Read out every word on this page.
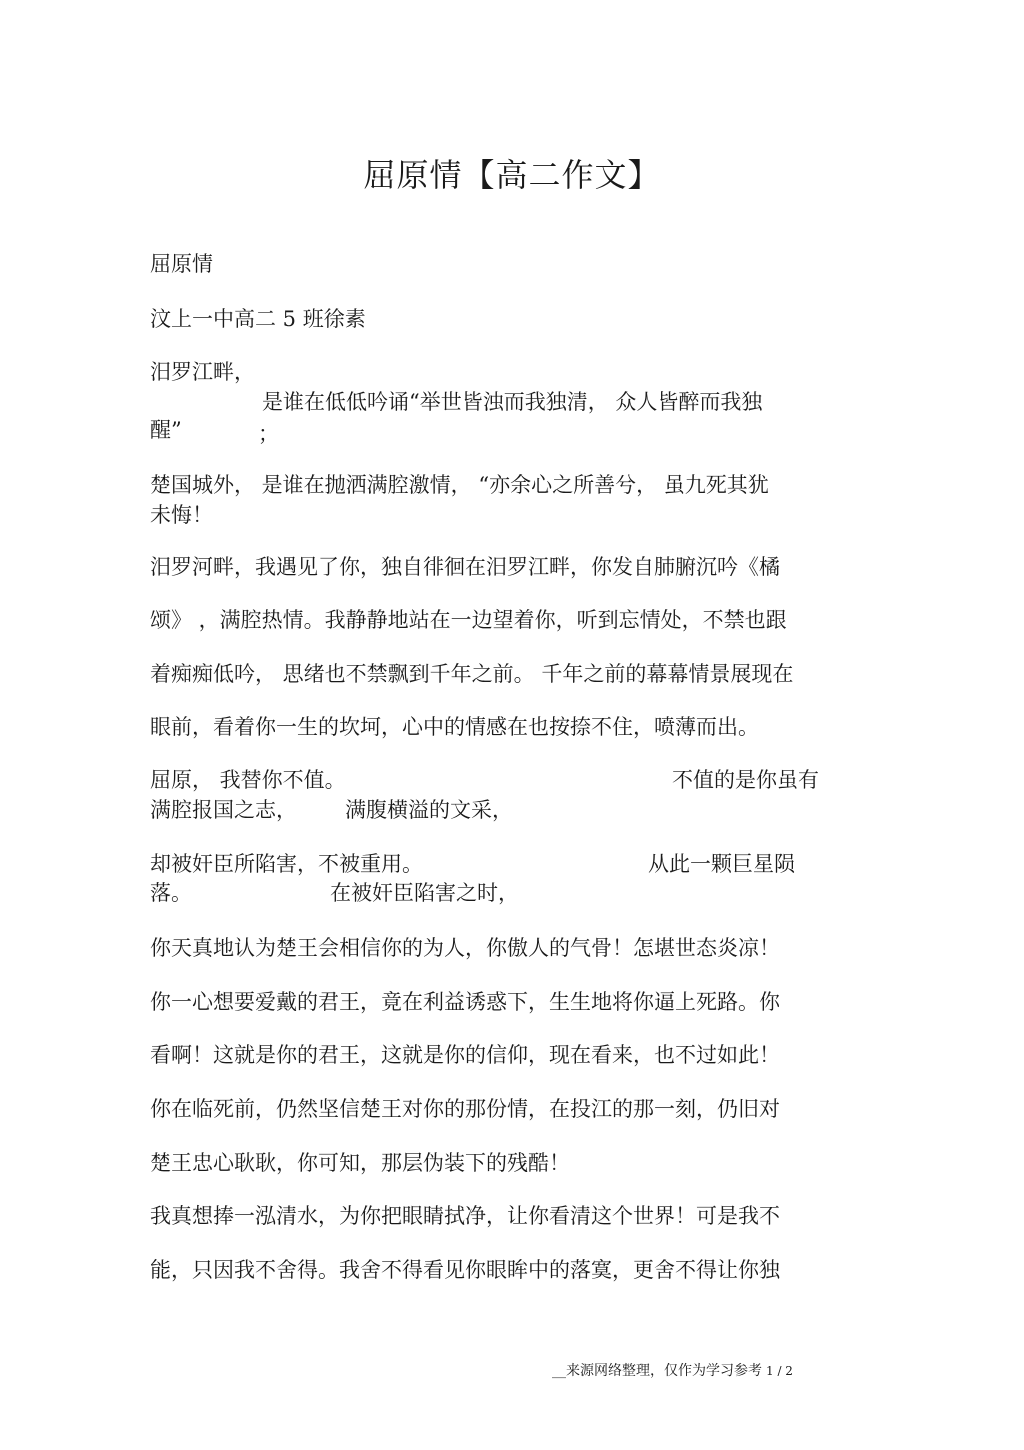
屈原情【高二作文】
屈原情
汶上一中高二 5 班徐素
汨罗江畔，
是谁在低低吟诵“举世皆浊而我独清， 众人皆醉而我独
醒”	；
楚国城外， 是谁在抛洒满腔激情， “亦余心之所善兮， 虽九死其犹
未悔！
汨罗河畔，我遇见了你，独自徘徊在汨罗江畔，你发自肺腑沉吟《橘
颂》 ，满腔热情。我静静地站在一边望着你，听到忘情处，不禁也跟
着痴痴低吟， 思绪也不禁飘到千年之前。 千年之前的幕幕情景展现在
眼前，看着你一生的坎坷，心中的情感在也按捺不住，喷薄而出。
屈原， 我替你不值。	不值的是你虽有
满腔报国之志， 满腹横溢的文采，
却被奸臣所陷害，不被重用。	从此一颗巨星陨
落。	在被奸臣陷害之时，
你天真地认为楚王会相信你的为人，你傲人的气骨！怎堪世态炎凉！
你一心想要爱戴的君王，竟在利益诱惑下，生生地将你逼上死路。你
看啊！这就是你的君王，这就是你的信仰，现在看来，也不过如此！
你在临死前，仍然坚信楚王对你的那份情，在投江的那一刻，仍旧对
楚王忠心耿耿，你可知，那层伪装下的残酷！
我真想捧一泓清水，为你把眼睛拭净，让你看清这个世界！可是我不
能，只因我不舍得。我舍不得看见你眼眸中的落寞，更舍不得让你独
__来源网络整理，仅作为学习参考 1 / 2
